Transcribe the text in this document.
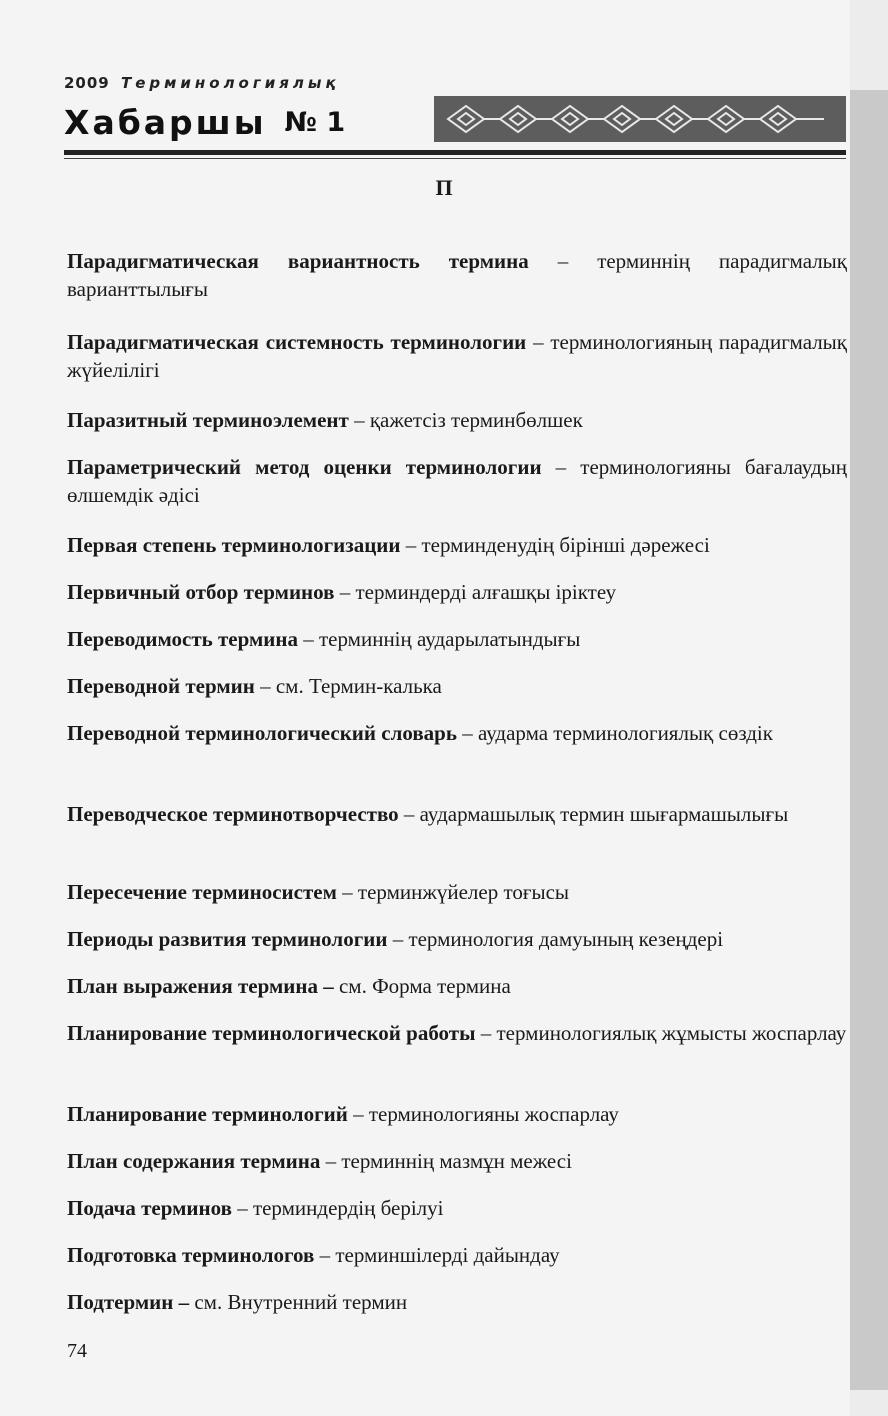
2009 Терминологиялық
Хабаршы № 1
П

Парадигматическая вариантность термина – терминнің парадигмалық варианттылығы

Парадигматическая системность терминологии – терминологияның парадигмалық жүйелілігі

Паразитный терминоэлемент – қажетсіз терминбөлшек

Параметрический метод оценки терминологии – терминологияны бағалаудың өлшемдік әдісі

Первая степень терминологизации – терминденудің бірінші дәрежесі

Первичный отбор терминов – терминдерді алғашқы іріктеу

Переводимость термина – терминнің аударылатындығы

Переводной термин – см. Термин-калька

Переводной терминологический словарь – аударма терминологиялық сөздік

Переводческое терминотворчество – аудармашылық термин шығармашылығы

Пересечение терминосистем – терминжүйелер тоғысы

Периоды развития терминологии – терминология дамуының кезеңдері

План выражения термина – см. Форма термина

Планирование терминологической работы – терминологиялық жұмысты жоспарлау

Планирование терминологий – терминологияны жоспарлау

План содержания термина – терминнің мазмұн межесі

Подача терминов – терминдердің берілуі

Подготовка терминологов – терминшілерді дайындау

Подтермин – см. Внутренний термин

74
